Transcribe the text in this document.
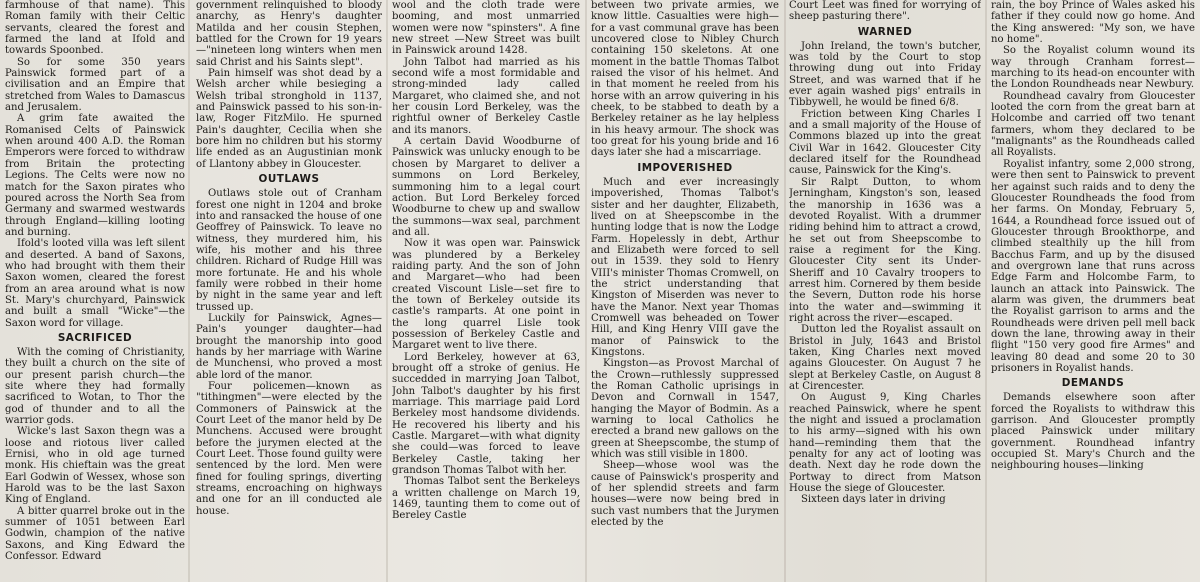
farmhouse of that name). This Roman family with their Celtic servants, cleared the forest and farmed the land at Ifold and towards Spoonbed.

So for some 350 years Painswick formed part of a civilisation and an Empire that stretched from Wales to Damascus and Jerusalem.

A grim fate awaited the Romanised Celts of Painswick when around 400 A.D. the Roman Emperors were forced to withdraw from Britain the protecting Legions. The Celts were now no match for the Saxon pirates who poured across the North Sea from Germany and swarmed westwards through England—killing looting and burning.

Ifold's looted villa was left silent and deserted. A band of Saxons, who had brought with them their Saxon women, cleared the forest from an area around what is now St. Mary's churchyard, Painswick and built a small "Wicke"—the Saxon word for village.

SACRIFICED

With the coming of Christianity, they built a church on the site of our present parish church—the site where they had formally sacrificed to Wotan, to Thor the god of thunder and to all the warrior gods.

Wicke's last Saxon thegn was a loose and riotous liver called Ernisi, who in old age turned monk. His chieftain was the great Earl Godwin of Wessex, whose son Harold was to be the last Saxon King of England.

A bitter quarrel broke out in the summer of 1051 between Earl Godwin, champion of the native Saxons, and King Edward the Confessor. Edward

government relinquished to bloody anarchy, as Henry's daughter Matilda and her cousin Stephen, battled for the Crown for 19 years—"nineteen long winters when men said Christ and his Saints slept".

Pain himself was shot dead by a Welsh archer while besieging a Welsh tribal stronghold in 1137, and Painswick passed to his son-in-law, Roger FitzMilo. He spurned Pain's daughter, Cecilia when she bore him no children but his stormy life ended as an Augustinian monk of Llantony abbey in Gloucester.

OUTLAWS

Outlaws stole out of Cranham forest one night in 1204 and broke into and ransacked the house of one Geoffrey of Painswick. To leave no witness, they murdered him, his wife, his mother and his three children. Richard of Rudge Hill was more fortunate. He and his whole family were robbed in their home by night in the same year and left trussed up.

Luckily for Painswick, Agnes—Pain's younger daughter—had brought the manorship into good hands by her marriage with Warine de Munchensi, who proved a most able lord of the manor.

Four policemen—known as "tithingmen"—were elected by the Commoners of Painswick at the Court Leet of the manor held by De Munchens. Accused were brought before the jurymen elected at the Court Leet. Those found guilty were sentenced by the lord. Men were fined for fouling springs, diverting streams, encroaching on highways and one for an ill conducted ale house.

wool and the cloth trade were booming, and most unmarried women were now "spinsters". A fine new street —New Street was built in Painswick around 1428.

John Talbot had married as his second wife a most formidable and strong-minded lady called Margaret, who claimed she, and not her cousin Lord Berkeley, was the rightful owner of Berkeley Castle and its manors.

A certain David Woodburne of Painswick was unlucky enough to be chosen by Margaret to deliver a summons on Lord Berkeley, summoning him to a legal court action. But Lord Berkeley forced Woodburne to chew up and swallow the summons—wax seal, parchment and all.

Now it was open war. Painswick was plundered by a Berkeley raiding party. And the son of John and Margaret—who had been created Viscount Lisle—set fire to the town of Berkeley outside its castle's ramparts. At one point in the long quarrel Lisle took possession of Berkeley Castle and Margaret went to live there.

Lord Berkeley, however at 63, brought off a stroke of genius. He succedded in marrying Joan Talbot, John Talbot's daughter by his first marriage. This marriage paid Lord Berkeley most handsome dividends. He recovered his liberty and his Castle. Margaret—with what dignity she could—was forced to leave Berkeley Castle, taking her grandson Thomas Talbot with her.

Thomas Talbot sent the Berkeleys a written challenge on March 19, 1469, taunting them to come out of Bereley Castle

between two private armies, we know little. Casualties were high—for a vast communal grave has been uncovered close to Nibley Church containing 150 skeletons. At one moment in the battle Thomas Talbot raised the visor of his helmet. And in that moment he reeled from his horse with an arrow quivering in his cheek, to be stabbed to death by a Berkeley retainer as he lay helpless in his heavy armour. The shock was too great for his young bride and 16 days later she had a miscarriage.

IMPOVERISHED

Much and ever increasingly impoverished, Thomas Talbot's sister and her daughter, Elizabeth, lived on at Sheepscombe in the hunting lodge that is now the Lodge Farm. Hopelessly in debt, Arthur and Elizabeth were forced to sell out in 1539. they sold to Henry VIII's minister Thomas Cromwell, on the strict understanding that Kingston of Miserden was never to have the Manor. Next year Thomas Cromwell was beheaded on Tower Hill, and King Henry VIII gave the manor of Painswick to the Kingstons.

Kingston—as Provost Marchal of the Crown—ruthlessly suppressed the Roman Catholic uprisings in Devon and Cornwall in 1547, hanging the Mayor of Bodmin. As a warning to local Catholics he erected a brand new gallows on the green at Sheepscombe, the stump of which was still visible in 1800.

Sheep—whose wool was the cause of Painswick's prosperity and of her splendid streets and farm houses—were now being bred in such vast numbers that the Jurymen elected by the

Court Leet was fined for worrying of sheep pasturing there".

WARNED

John Ireland, the town's butcher, was told by the Court to stop throwing dung out into Friday Street, and was warned that if he ever again washed pigs' entrails in Tibbywell, he would be fined 6/8.

Friction between King Charles I and a small majority of the House of Commons blazed up into the great Civil War in 1642. Gloucester City declared itself for the Roundhead cause, Painswick for the King's.

Sir Ralpt Dutton, to whom Jerningham, Kingston's son, leased the manorship in 1636 was a devoted Royalist. With a drummer riding behind him to attract a crowd, he set out from Sheepscombe to raise a regiment for the King. Gloucester City sent its Under-Sheriff and 10 Cavalry troopers to arrest him. Cornered by them beside the Severn, Dutton rode his horse into the water and—swimming it right across the river—escaped.

Dutton led the Royalist assault on Bristol in July, 1643 and Bristol taken, King Charles next moved agains Gloucester. On August 7 he slept at Berkeley Castle, on August 8 at Cirencester.

On August 9, King Charles reached Painswick, where he spent the night and issued a proclamation to his army—signed with his own hand—reminding them that the penalty for any act of looting was death. Next day he rode down the Portway to direct from Matson House the siege of Gloucester.

Sixteen days later in driving

rain, the boy Prince of Wales asked his father if they could now go home. And the King answered: "My son, we have no home".

So the Royalist column wound its way through Cranham forrest—marching to its head-on encounter with the London Roundheads near Newbury.

Roundhead cavalry from Gloucester looted the corn from the great barn at Holcombe and carried off two tenant farmers, whom they declared to be "malignants" as the Roundheads called all Royalists.

Royalist infantry, some 2,000 strong, were then sent to Painswick to prevent her against such raids and to deny the Gloucester Roundheads the food from her farms. On Monday, February 5, 1644, a Roundhead force issued out of Gloucester through Brookthorpe, and climbed stealthily up the hill from Bacchus Farm, and up by the disused and overgrown lane that runs across Edge Farm and Holcombe Farm, to launch an attack into Painswick. The alarm was given, the drummers beat the Royalist garrison to arms and the Roundheads were driven pell mell back down the lane, throwing away in their flight "150 very good fire Armes" and leaving 80 dead and some 20 to 30 prisoners in Royalist hands.

DEMANDS

Demands elsewhere soon after forced the Royalists to withdraw this garrison. And Gloucester promptly placed Painswick under military government. Roundhead infantry occupied St. Mary's Church and the neighbouring houses—linking
